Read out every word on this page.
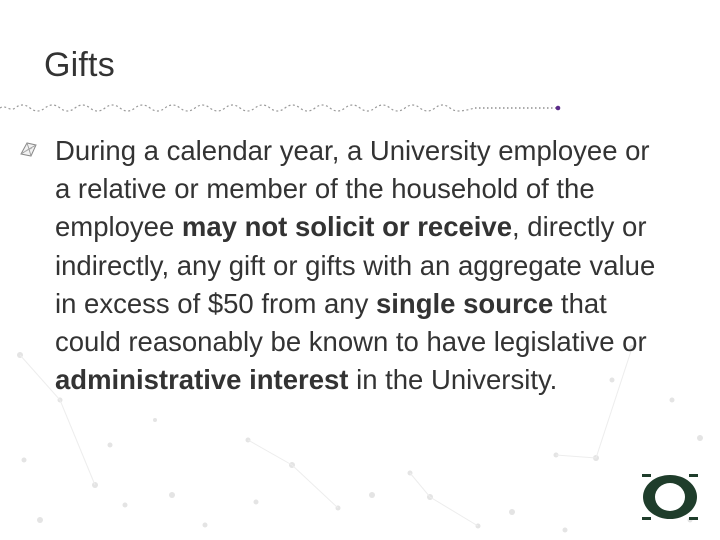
Gifts
During a calendar year, a University employee or a relative or member of the household of the employee may not solicit or receive, directly or indirectly, any gift or gifts with an aggregate value in excess of $50 from any single source that could reasonably be known to have legislative or administrative interest in the University.
